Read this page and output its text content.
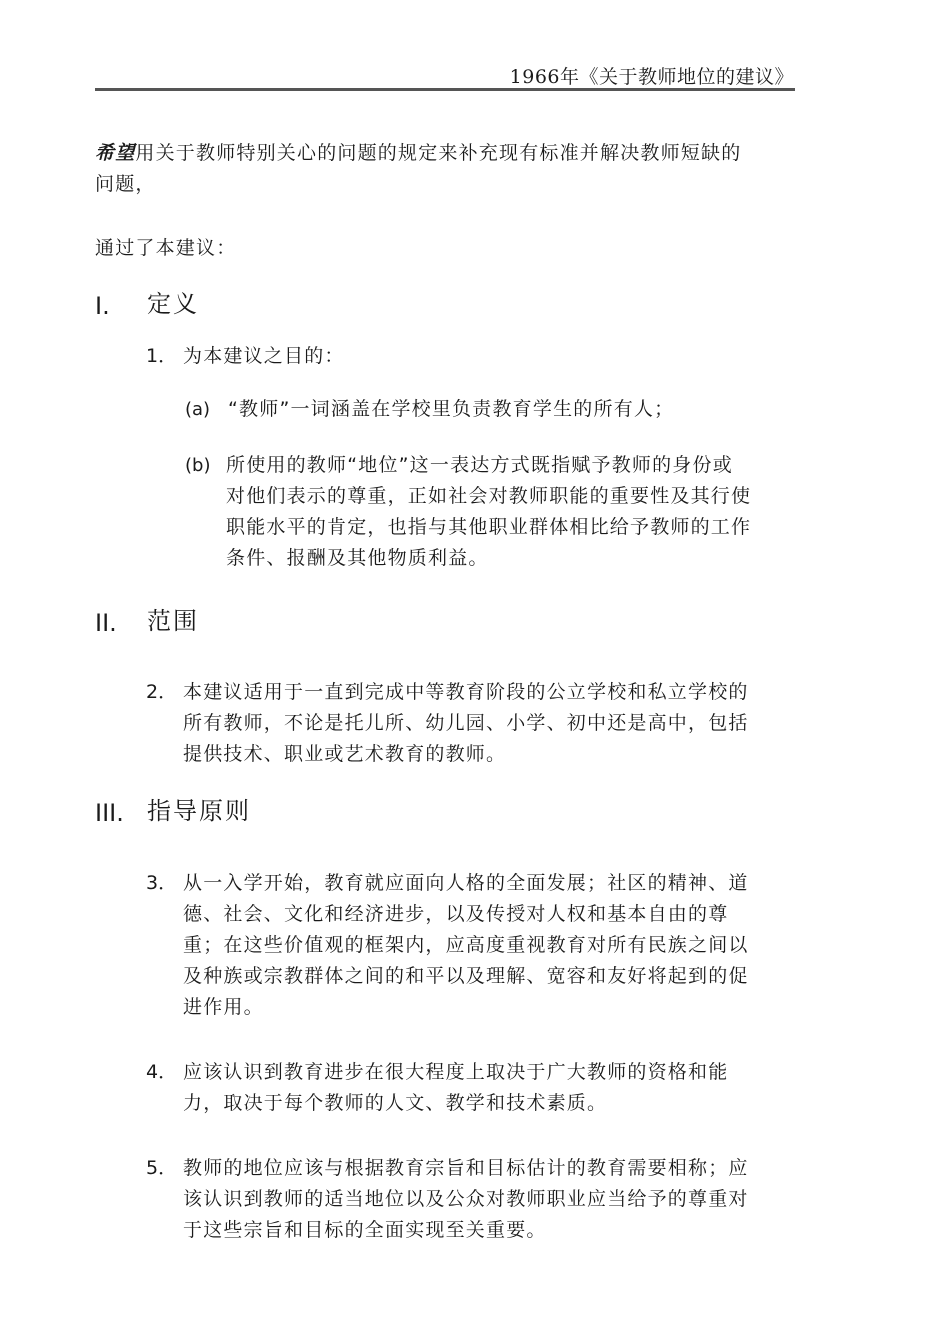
1966年《关于教师地位的建议》
希望用关于教师特别关心的问题的规定来补充现有标准并解决教师短缺的
问题，
通过了本建议：
I. 定义
1． 为本建议之目的：
(a) “教师”一词涵盖在学校里负责教育学生的所有人；
(b) 所使用的教师“地位”这一表达方式既指赋予教师的身份或
对他们表示的尊重，正如社会对教师职能的重要性及其行使
职能水平的肯定，也指与其他职业群体相比给予教师的工作
条件、报酬及其他物质利益。
II. 范围
2． 本建议适用于一直到完成中等教育阶段的公立学校和私立学校的
所有教师，不论是托儿所、幼儿园、小学、初中还是高中，包括
提供技术、职业或艺术教育的教师。
III. 指导原则
3． 从一入学开始，教育就应面向人格的全面发展；社区的精神、道
德、社会、文化和经济进步，以及传授对人权和基本自由的尊
重；在这些价值观的框架内，应高度重视教育对所有民族之间以
及种族或宗教群体之间的和平以及理解、宽容和友好将起到的促
进作用。
4． 应该认识到教育进步在很大程度上取决于广大教师的资格和能
力，取决于每个教师的人文、教学和技术素质。
5． 教师的地位应该与根据教育宗旨和目标估计的教育需要相称；应
该认识到教师的适当地位以及公众对教师职业应当给予的尊重对
于这些宗旨和目标的全面实现至关重要。
